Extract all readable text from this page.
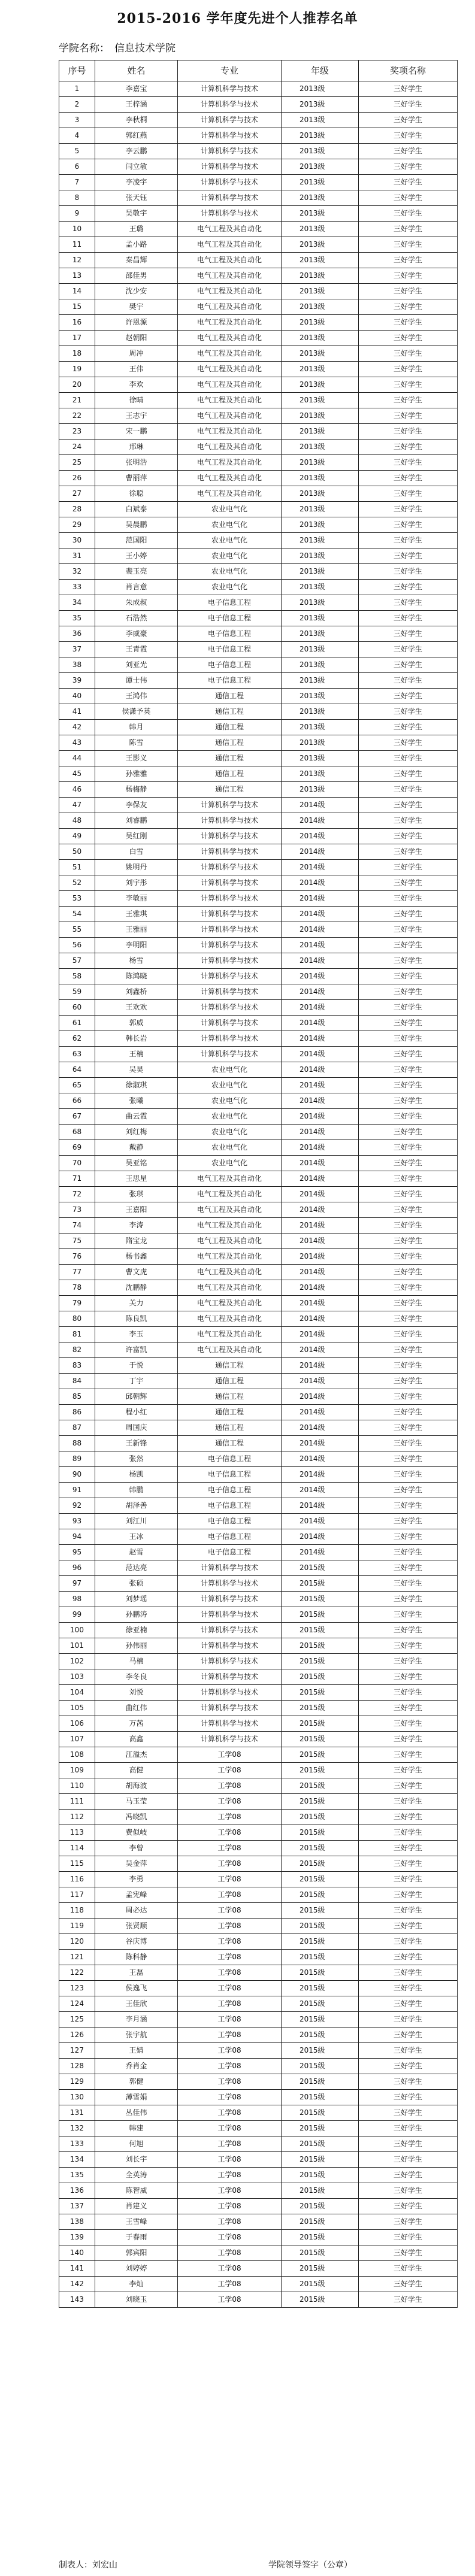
2015-2016 学年度先进个人推荐名单
学院名称： 信息技术学院
序号	姓名	专业	年级	奖项名称
1	李嘉宝	计算机科学与技术	2013级	三好学生
2	王梓涵	计算机科学与技术	2013级	三好学生
3	李秋桐	计算机科学与技术	2013级	三好学生
4	郭红燕	计算机科学与技术	2013级	三好学生
5	李云鹏	计算机科学与技术	2013级	三好学生
6	闫立敏	计算机科学与技术	2013级	三好学生
7	李凌宇	计算机科学与技术	2013级	三好学生
8	张天钰	计算机科学与技术	2013级	三好学生
9	吴敬宇	计算机科学与技术	2013级	三好学生
10	王璐	电气工程及其自动化	2013级	三好学生
11	孟小路	电气工程及其自动化	2013级	三好学生
12	秦昌辉	电气工程及其自动化	2013级	三好学生
13	邵佳男	电气工程及其自动化	2013级	三好学生
14	沈少安	电气工程及其自动化	2013级	三好学生
15	樊宇	电气工程及其自动化	2013级	三好学生
16	许恩源	电气工程及其自动化	2013级	三好学生
17	赵朝阳	电气工程及其自动化	2013级	三好学生
18	周冲	电气工程及其自动化	2013级	三好学生
19	王伟	电气工程及其自动化	2013级	三好学生
20	李欢	电气工程及其自动化	2013级	三好学生
21	徐晴	电气工程及其自动化	2013级	三好学生
22	王志宇	电气工程及其自动化	2013级	三好学生
23	宋一鹏	电气工程及其自动化	2013级	三好学生
24	邢琳	电气工程及其自动化	2013级	三好学生
25	张明浩	电气工程及其自动化	2013级	三好学生
26	曹丽萍	电气工程及其自动化	2013级	三好学生
27	徐聪	电气工程及其自动化	2013级	三好学生
28	白斌泰	农业电气化	2013级	三好学生
29	吴晨鹏	农业电气化	2013级	三好学生
30	范国阳	农业电气化	2013级	三好学生
31	王小婷	农业电气化	2013级	三好学生
32	裴玉亮	农业电气化	2013级	三好学生
33	肖言意	农业电气化	2013级	三好学生
34	朱成叔	电子信息工程	2013级	三好学生
35	石浩然	电子信息工程	2013级	三好学生
36	李威豪	电子信息工程	2013级	三好学生
37	王青霞	电子信息工程	2013级	三好学生
38	刘亚光	电子信息工程	2013级	三好学生
39	谭士伟	电子信息工程	2013级	三好学生
40	王鸿伟	通信工程	2013级	三好学生
41	侯潇予英	通信工程	2013级	三好学生
42	韩月	通信工程	2013级	三好学生
43	陈雪	通信工程	2013级	三好学生
44	王影义	通信工程	2013级	三好学生
45	孙雅雅	通信工程	2013级	三好学生
46	杨梅静	通信工程	2013级	三好学生
47	李保友	计算机科学与技术	2014级	三好学生
48	刘睿鹏	计算机科学与技术	2014级	三好学生
49	吴红刚	计算机科学与技术	2014级	三好学生
50	白雪	计算机科学与技术	2014级	三好学生
51	姚明丹	计算机科学与技术	2014级	三好学生
52	刘宇彤	计算机科学与技术	2014级	三好学生
53	李敏丽	计算机科学与技术	2014级	三好学生
54	王雅琪	计算机科学与技术	2014级	三好学生
55	王雅丽	计算机科学与技术	2014级	三好学生
56	李明阳	计算机科学与技术	2014级	三好学生
57	杨雪	计算机科学与技术	2014级	三好学生
58	陈鸿晓	计算机科学与技术	2014级	三好学生
59	刘鑫桥	计算机科学与技术	2014级	三好学生
60	王欢欢	计算机科学与技术	2014级	三好学生
61	郭威	计算机科学与技术	2014级	三好学生
62	韩长岩	计算机科学与技术	2014级	三好学生
63	王楠	计算机科学与技术	2014级	三好学生
64	吴昊	农业电气化	2014级	三好学生
65	徐淑琪	农业电气化	2014级	三好学生
66	张曦	农业电气化	2014级	三好学生
67	曲云霞	农业电气化	2014级	三好学生
68	刘红梅	农业电气化	2014级	三好学生
69	戴静	农业电气化	2014级	三好学生
70	吴亚铭	农业电气化	2014级	三好学生
71	王思星	电气工程及其自动化	2014级	三好学生
72	张琪	电气工程及其自动化	2014级	三好学生
73	王嘉阳	电气工程及其自动化	2014级	三好学生
74	李涛	电气工程及其自动化	2014级	三好学生
75	隋宝龙	电气工程及其自动化	2014级	三好学生
76	杨书鑫	电气工程及其自动化	2014级	三好学生
77	曹文虎	电气工程及其自动化	2014级	三好学生
78	沈鹏静	电气工程及其自动化	2014级	三好学生
79	关力	电气工程及其自动化	2014级	三好学生
80	陈良凯	电气工程及其自动化	2014级	三好学生
81	李玉	电气工程及其自动化	2014级	三好学生
82	许富凯	电气工程及其自动化	2014级	三好学生
83	于悦	通信工程	2014级	三好学生
84	丁宇	通信工程	2014级	三好学生
85	邱朝辉	通信工程	2014级	三好学生
86	程小红	通信工程	2014级	三好学生
87	周国庆	通信工程	2014级	三好学生
88	王新锋	通信工程	2014级	三好学生
89	张然	电子信息工程	2014级	三好学生
90	杨凯	电子信息工程	2014级	三好学生
91	韩鹏	电子信息工程	2014级	三好学生
92	胡泽善	电子信息工程	2014级	三好学生
93	刘江川	电子信息工程	2014级	三好学生
94	王冰	电子信息工程	2014级	三好学生
95	赵雪	电子信息工程	2014级	三好学生
96	范达亮	计算机科学与技术	2015级	三好学生
97	张硕	计算机科学与技术	2015级	三好学生
98	刘梦瑶	计算机科学与技术	2015级	三好学生
99	孙鹏涛	计算机科学与技术	2015级	三好学生
100	徐亚楠	计算机科学与技术	2015级	三好学生
101	孙伟丽	计算机科学与技术	2015级	三好学生
102	马楠	计算机科学与技术	2015级	三好学生
103	李冬良	计算机科学与技术	2015级	三好学生
104	刘悦	计算机科学与技术	2015级	三好学生
105	曲红伟	计算机科学与技术	2015级	三好学生
106	万茜	计算机科学与技术	2015级	三好学生
107	高鑫	计算机科学与技术	2015级	三好学生
108	江溢杰	工学08	2015级	三好学生
109	高健	工学08	2015级	三好学生
110	胡海波	工学08	2015级	三好学生
111	马玉莹	工学08	2015级	三好学生
112	冯晓凯	工学08	2015级	三好学生
113	费似岐	工学08	2015级	三好学生
114	李曾	工学08	2015级	三好学生
115	吴金萍	工学08	2015级	三好学生
116	李勇	工学08	2015级	三好学生
117	孟宪峰	工学08	2015级	三好学生
118	周必达	工学08	2015级	三好学生
119	张贤顺	工学08	2015级	三好学生
120	谷庆博	工学08	2015级	三好学生
121	陈科静	工学08	2015级	三好学生
122	王磊	工学08	2015级	三好学生
123	侯逸飞	工学08	2015级	三好学生
124	王佳欣	工学08	2015级	三好学生
125	李月涵	工学08	2015级	三好学生
126	张宇航	工学08	2015级	三好学生
127	王婧	工学08	2015级	三好学生
128	乔肖金	工学08	2015级	三好学生
129	郭健	工学08	2015级	三好学生
130	薄雪娟	工学08	2015级	三好学生
131	丛佳伟	工学08	2015级	三好学生
132	韩建	工学08	2015级	三好学生
133	何旭	工学08	2015级	三好学生
134	刘长宇	工学08	2015级	三好学生
135	全英涛	工学08	2015级	三好学生
136	陈智威	工学08	2015级	三好学生
137	肖建义	工学08	2015级	三好学生
138	王雪峰	工学08	2015级	三好学生
139	于春雨	工学08	2015级	三好学生
140	郭宾阳	工学08	2015级	三好学生
141	刘婷婷	工学08	2015级	三好学生
142	李灿	工学08	2015级	三好学生
143	刘晓玉	工学08	2015级	三好学生
制表人：刘宏山	学院领导签字（公章）
